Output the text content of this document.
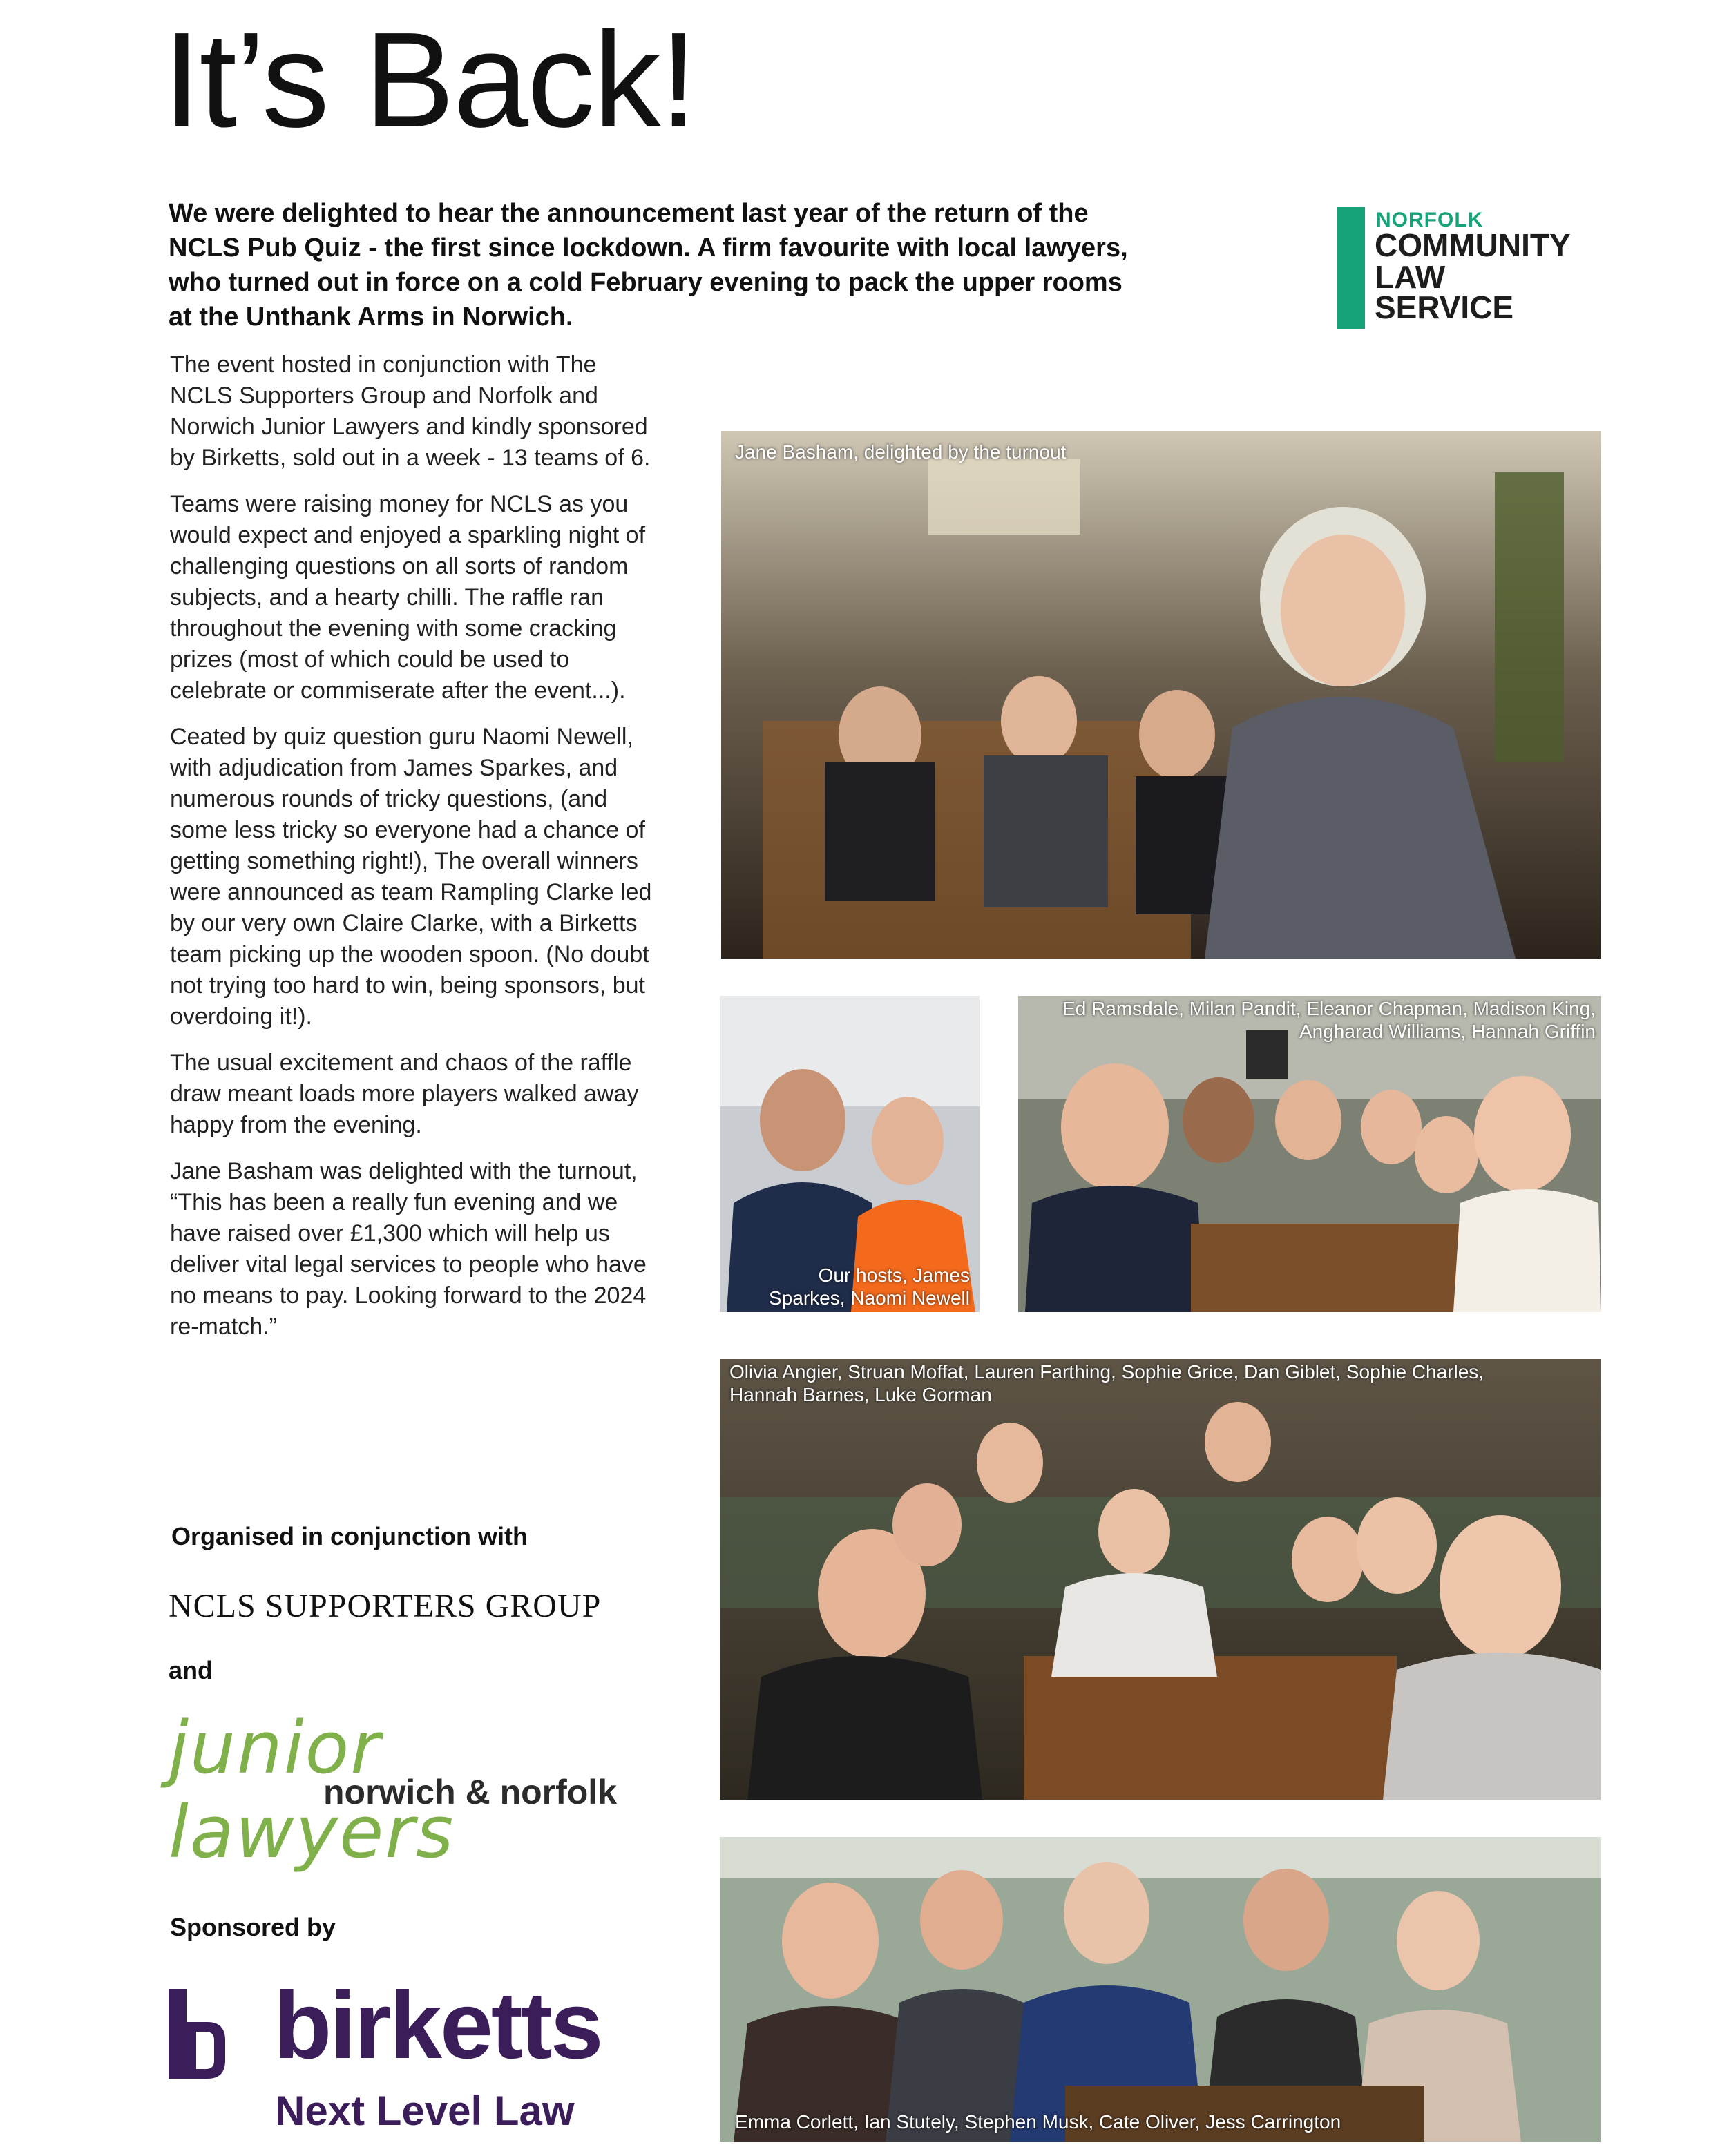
It’s Back!

We were delighted to hear the announcement last year of the return of the NCLS Pub Quiz - the first since lockdown. A firm favourite with local lawyers, who turned out in force on a cold February evening to pack the upper rooms at the Unthank Arms in Norwich.

NORFOLK
COMMUNITY
LAW
SERVICE

The event hosted in conjunction with The NCLS Supporters Group and Norfolk and Norwich Junior Lawyers and kindly sponsored by Birketts, sold out in a week - 13 teams of 6.

Teams were raising money for NCLS as you would expect and enjoyed a sparkling night of challenging questions on all sorts of random subjects, and a hearty chilli. The raffle ran throughout the evening with some cracking prizes (most of which could be used to celebrate or commiserate after the event...).

Ceated by quiz question guru Naomi Newell, with adjudication from James Sparkes, and numerous rounds of tricky questions, (and some less tricky so everyone had a chance of getting something right!), The overall winners were announced as team Rampling Clarke led by our very own Claire Clarke, with a Birketts team picking up the wooden spoon. (No doubt not trying too hard to win, being sponsors, but overdoing it!).

The usual excitement and chaos of the raffle draw meant loads more players walked away happy from the evening.

Jane Basham was delighted with the turnout, “This has been a really fun evening and we have raised over £1,300 which will help us deliver vital legal services to people who have no means to pay. Looking forward to the 2024 re-match.”

Organised in conjunction with
NCLS SUPPORTERS GROUP
and
junior lawyers
norwich & norfolk
Sponsored by
birketts
Next Level Law
Jane Basham, delighted by the turnout
Our hosts, James
Sparkes, Naomi Newell
Ed Ramsdale, Milan Pandit, Eleanor Chapman, Madison King,
Angharad Williams, Hannah Griffin
Olivia Angier, Struan Moffat, Lauren Farthing, Sophie Grice, Dan Giblet, Sophie Charles,
Hannah Barnes, Luke Gorman
Emma Corlett, Ian Stutely, Stephen Musk, Cate Oliver, Jess Carrington
